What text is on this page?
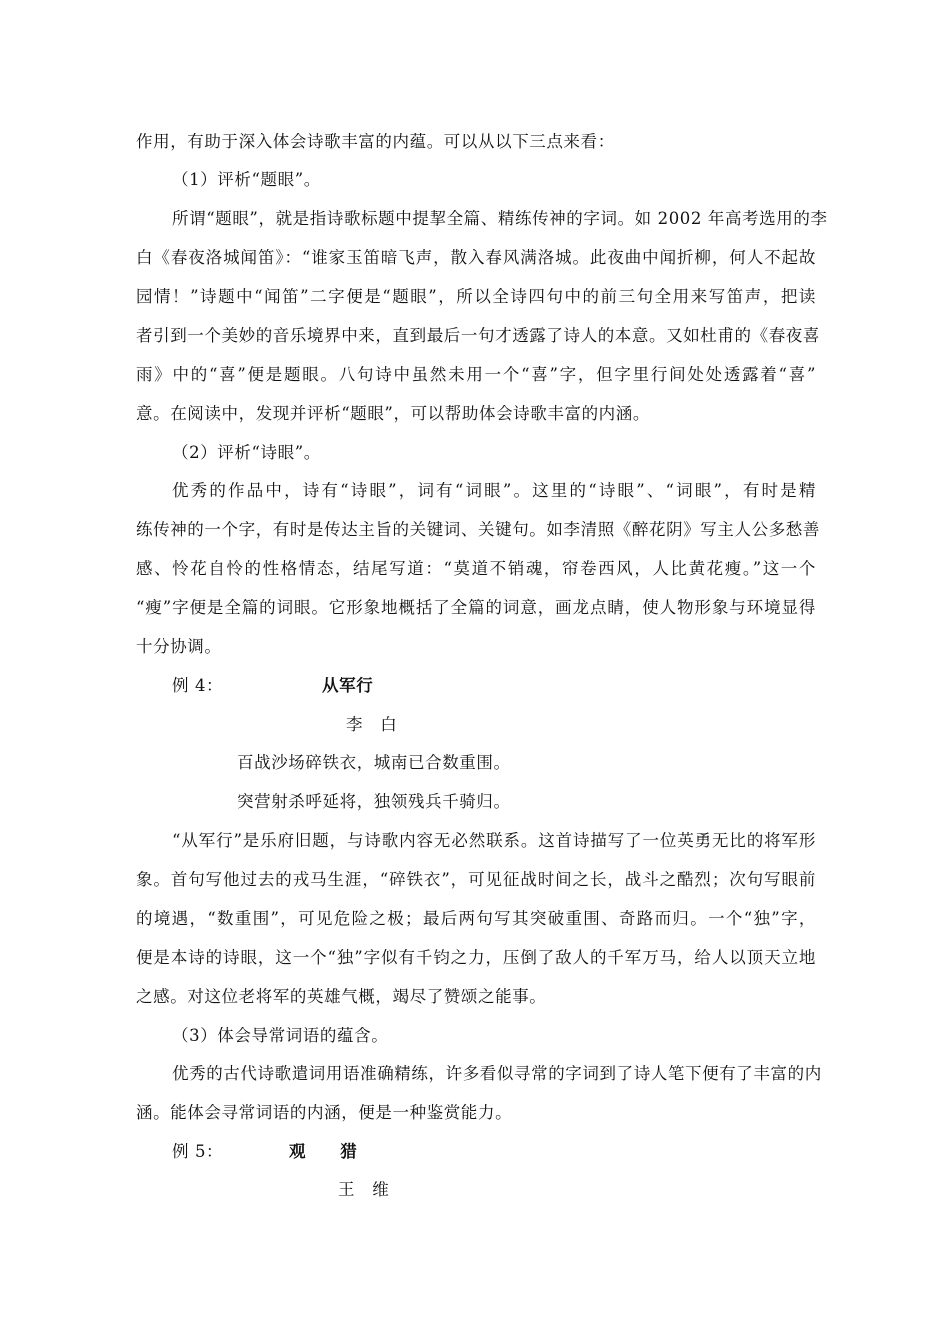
作用，有助于深入体会诗歌丰富的内蕴。可以从以下三点来看：
（1）评析“题眼”。
所谓“题眼”，就是指诗歌标题中提挈全篇、精练传神的字词。如 2002 年高考选用的李
白《春夜洛城闻笛》：“谁家玉笛暗飞声，散入春风满洛城。此夜曲中闻折柳，何人不起故
园情！”诗题中“闻笛”二字便是“题眼”，所以全诗四句中的前三句全用来写笛声，把读
者引到一个美妙的音乐境界中来，直到最后一句才透露了诗人的本意。又如杜甫的《春夜喜
雨》中的“喜”便是题眼。八句诗中虽然未用一个“喜”字，但字里行间处处透露着“喜”
意。在阅读中，发现并评析“题眼”，可以帮助体会诗歌丰富的内涵。
（2）评析“诗眼”。
优秀的作品中，诗有“诗眼”，词有“词眼”。这里的“诗眼”、“词眼”，有时是精
练传神的一个字，有时是传达主旨的关键词、关键句。如李清照《醉花阴》写主人公多愁善
感、怜花自怜的性格情态，结尾写道：“莫道不销魂，帘卷西风，人比黄花瘦。”这一个
“瘦”字便是全篇的词眼。它形象地概括了全篇的词意，画龙点睛，使人物形象与环境显得
十分协调。
例 4：	从军行
李　白
百战沙场碎铁衣，城南已合数重围。
突营射杀呼延将，独领残兵千骑归。
“从军行”是乐府旧题，与诗歌内容无必然联系。这首诗描写了一位英勇无比的将军形
象。首句写他过去的戎马生涯，“碎铁衣”，可见征战时间之长，战斗之酷烈；次句写眼前
的境遇，“数重围”，可见危险之极；最后两句写其突破重围、奇路而归。一个“独”字，
便是本诗的诗眼，这一个“独”字似有千钧之力，压倒了敌人的千军万马，给人以顶天立地
之感。对这位老将军的英雄气概，竭尽了赞颂之能事。
（3）体会导常词语的蕴含。
优秀的古代诗歌遣词用语准确精练，许多看似寻常的字词到了诗人笔下便有了丰富的内
涵。能体会寻常词语的内涵，便是一种鉴赏能力。
例 5：	观　　猎
王　维
